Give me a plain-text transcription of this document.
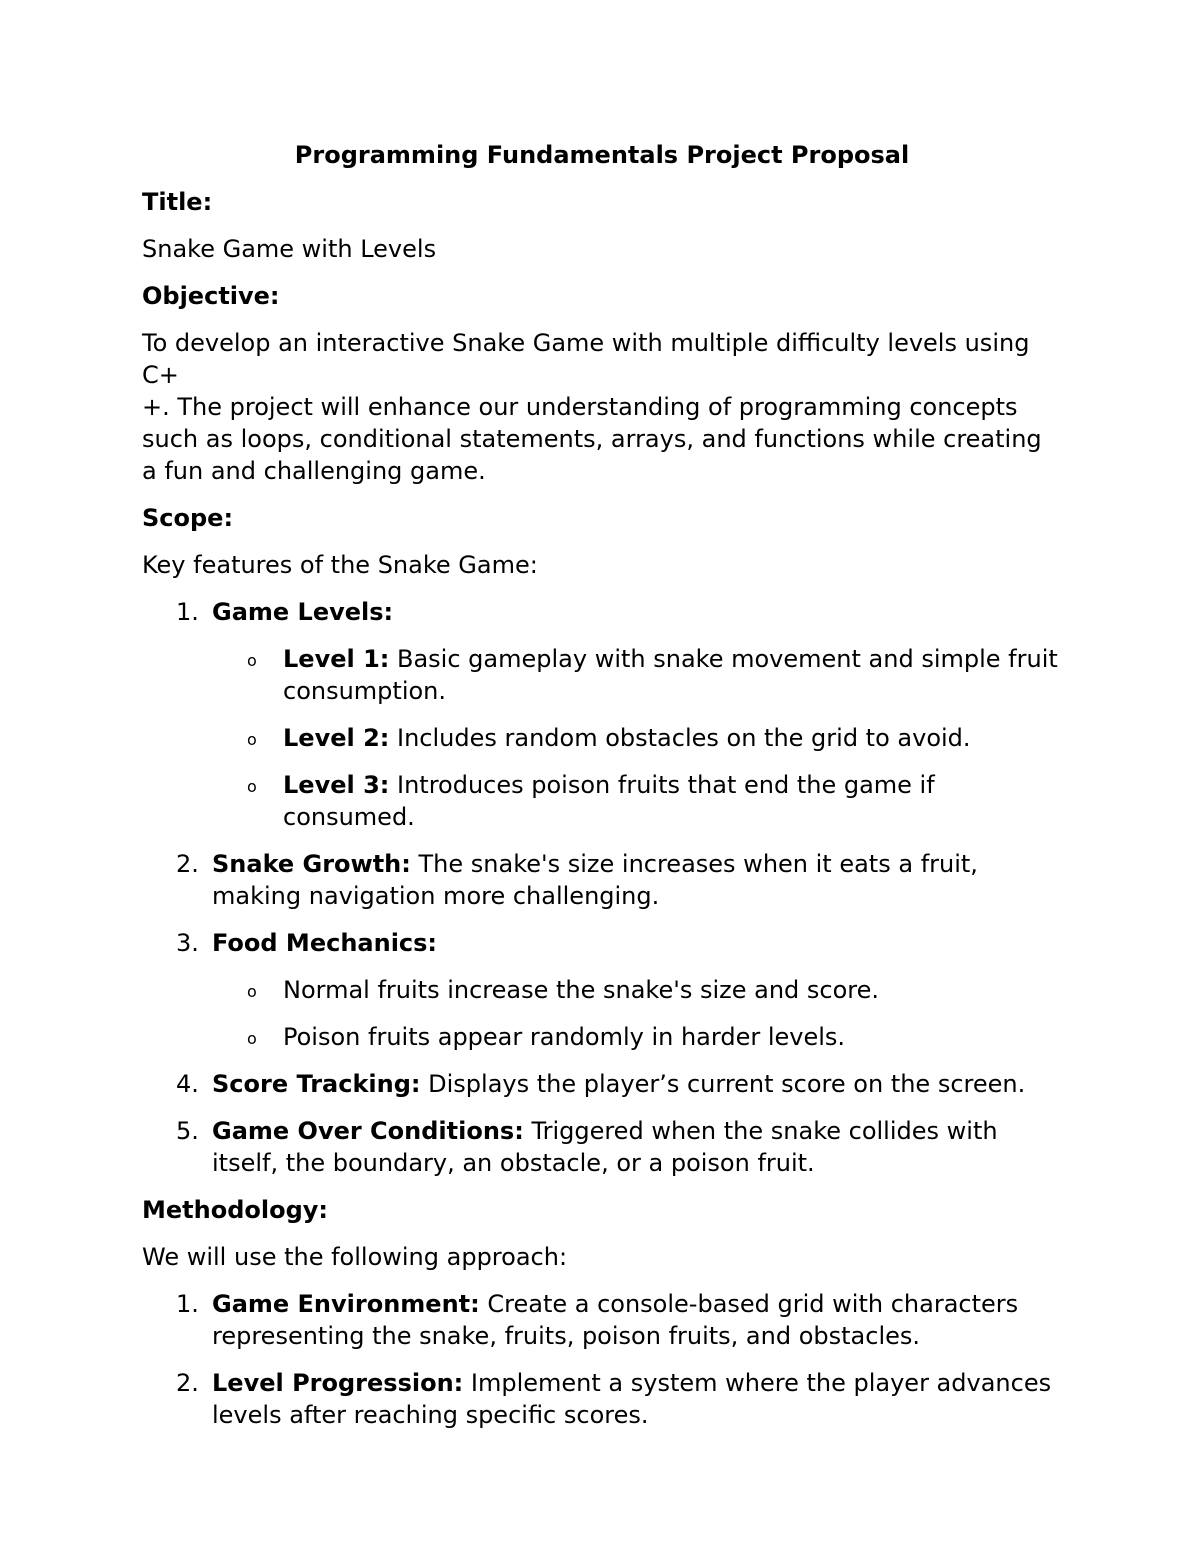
Programming Fundamentals Project Proposal
Title:
Snake Game with Levels
Objective:
To develop an interactive Snake Game with multiple difficulty levels using C+
+. The project will enhance our understanding of programming concepts such as loops, conditional statements, arrays, and functions while creating a fun and challenging game.
Scope:
Key features of the Snake Game:
1. Game Levels:
o Level 1: Basic gameplay with snake movement and simple fruit consumption.
o Level 2: Includes random obstacles on the grid to avoid.
o Level 3: Introduces poison fruits that end the game if consumed.
2. Snake Growth: The snake's size increases when it eats a fruit, making navigation more challenging.
3. Food Mechanics:
o Normal fruits increase the snake's size and score.
o Poison fruits appear randomly in harder levels.
4. Score Tracking: Displays the player’s current score on the screen.
5. Game Over Conditions: Triggered when the snake collides with itself, the boundary, an obstacle, or a poison fruit.
Methodology:
We will use the following approach:
1. Game Environment: Create a console-based grid with characters representing the snake, fruits, poison fruits, and obstacles.
2. Level Progression: Implement a system where the player advances levels after reaching specific scores.
